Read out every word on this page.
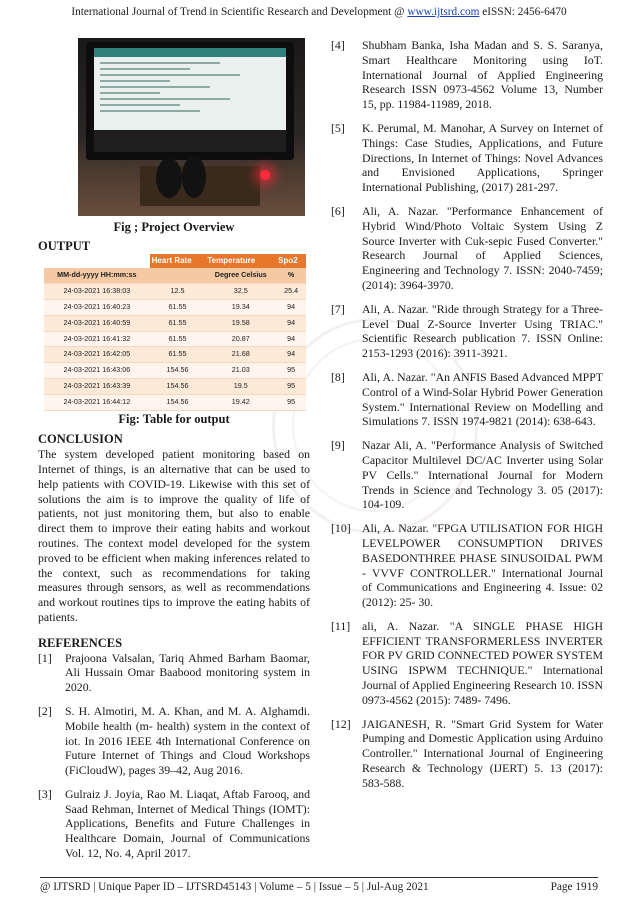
International Journal of Trend in Scientific Research and Development @ www.ijtsrd.com eISSN: 2456-6470
Fig ; Project Overview
OUTPUT
	Heart Rate	Temperature	Spo2
MM-dd-yyyy HH:mm:ss		Degree Celsius	%
24-03-2021 16:38:03	12.5	32.5	25.4
24-03-2021 16:40:23	61.55	19.34	94
24-03-2021 16:40:59	61.55	19.58	94
24-03-2021 16:41:32	61.55	20.87	94
24-03-2021 16:42:05	61.55	21.68	94
24-03-2021 16:43:06	154.56	21.03	95
24-03-2021 16:43:39	154.56	19.5	95
24-03-2021 16:44:12	154.56	19.42	95
Fig: Table for output
CONCLUSION
The system developed patient monitoring based on Internet of things, is an alternative that can be used to help patients with COVID-19. Likewise with this set of solutions the aim is to improve the quality of life of patients, not just monitoring them, but also to enable direct them to improve their eating habits and workout routines. The context model developed for the system proved to be efficient when making inferences related to the context, such as recommendations for taking measures through sensors, as well as recommendations and workout routines tips to improve the eating habits of patients.
REFERENCES
[1]	Prajoona Valsalan, Tariq Ahmed Barham Baomar, Ali Hussain Omar Baabood monitoring system in 2020.
[2]	S. H. Almotiri, M. A. Khan, and M. A. Alghamdi. Mobile health (m- health) system in the context of iot. In 2016 IEEE 4th International Conference on Future Internet of Things and Cloud Workshops (FiCloudW), pages 39–42, Aug 2016.
[3]	Gulraiz J. Joyia, Rao M. Liaqat, Aftab Farooq, and Saad Rehman, Internet of Medical Things (IOMT): Applications, Benefits and Future Challenges in Healthcare Domain, Journal of Communications Vol. 12, No. 4, April 2017.
[4]	Shubham Banka, Isha Madan and S. S. Saranya, Smart Healthcare Monitoring using IoT. International Journal of Applied Engineering Research ISSN 0973-4562 Volume 13, Number 15, pp. 11984-11989, 2018.
[5]	K. Perumal, M. Manohar, A Survey on Internet of Things: Case Studies, Applications, and Future Directions, In Internet of Things: Novel Advances and Envisioned Applications, Springer International Publishing, (2017) 281-297.
[6]	Ali, A. Nazar. "Performance Enhancement of Hybrid Wind/Photo Voltaic System Using Z Source Inverter with Cuk-sepic Fused Converter." Research Journal of Applied Sciences, Engineering and Technology 7. ISSN: 2040-7459; (2014): 3964-3970.
[7]	Ali, A. Nazar. "Ride through Strategy for a Three-Level Dual Z-Source Inverter Using TRIAC." Scientific Research publication 7. ISSN Online: 2153-1293 (2016): 3911-3921.
[8]	Ali, A. Nazar. "An ANFIS Based Advanced MPPT Control of a Wind-Solar Hybrid Power Generation System." International Review on Modelling and Simulations 7. ISSN 1974-9821 (2014): 638-643.
[9]	Nazar Ali, A. "Performance Analysis of Switched Capacitor Multilevel DC/AC Inverter using Solar PV Cells." International Journal for Modern Trends in Science and Technology 3. 05 (2017): 104-109.
[10] Ali, A. Nazar. "FPGA UTILISATION FOR HIGH LEVELPOWER CONSUMPTION DRIVES BASEDONTHREE PHASE SINUSOIDAL PWM - VVVF CONTROLLER." International Journal of Communications and Engineering 4. Issue: 02 (2012): 25- 30.
[11] ali, A. Nazar. "A SINGLE PHASE HIGH EFFICIENT TRANSFORMERLESS INVERTER FOR PV GRID CONNECTED POWER SYSTEM USING ISPWM TECHNIQUE." International Journal of Applied Engineering Research 10. ISSN 0973-4562 (2015): 7489- 7496.
[12] JAIGANESH, R. "Smart Grid System for Water Pumping and Domestic Application using Arduino Controller." International Journal of Engineering Research & Technology (IJERT) 5. 13 (2017): 583-588.
@ IJTSRD | Unique Paper ID – IJTSRD45143 | Volume – 5 | Issue – 5 | Jul-Aug 2021	Page 1919
